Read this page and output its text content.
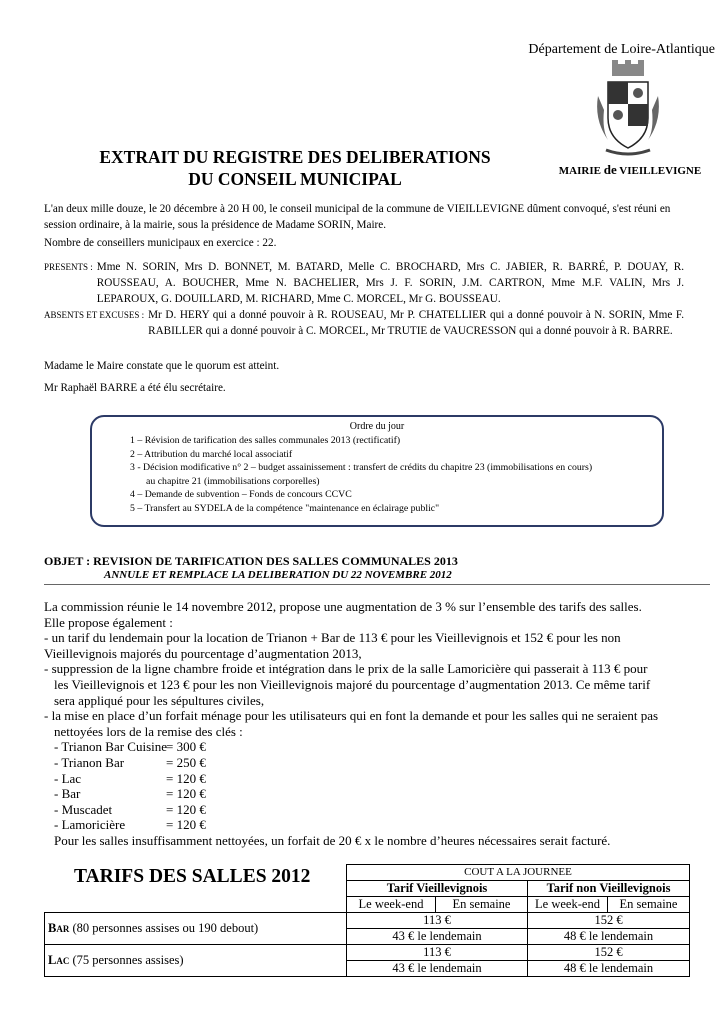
Département de Loire-Atlantique
MAIRIE de VIEILLEVIGNE
EXTRAIT DU REGISTRE DES DELIBERATIONS
DU CONSEIL MUNICIPAL
L'an deux mille douze, le 20 décembre à 20 H 00, le conseil municipal de la commune de VIEILLEVIGNE dûment convoqué, s'est réuni en session ordinaire, à la mairie, sous la présidence de Madame SORIN, Maire.
Nombre de conseillers municipaux en exercice : 22.
PRESENTS : Mme N. SORIN, Mrs D. BONNET, M. BATARD, Melle C. BROCHARD, Mrs C. JABIER, R. BARRÉ, P. DOUAY, R. ROUSSEAU, A. BOUCHER, Mme N. BACHELIER, Mrs J. F. SORIN, J.M. CARTRON, Mme M.F. VALIN, Mrs J. LEPAROUX, G. DOUILLARD, M. RICHARD, Mme C. MORCEL, Mr G. BOUSSEAU.
ABSENTS ET EXCUSES : Mr D. HERY qui a donné pouvoir à R. ROUSEAU, Mr P. CHATELLIER qui a donné pouvoir à N. SORIN, Mme F. RABILLER qui a donné pouvoir à C. MORCEL, Mr TRUTIE de VAUCRESSON qui a donné pouvoir à R. BARRE.
Madame le Maire constate que le quorum est atteint.
Mr Raphaël BARRE a été élu secrétaire.
Ordre du jour
1 – Révision de tarification des salles communales 2013 (rectificatif)
2 – Attribution du marché local associatif
3 - Décision modificative n° 2 – budget assainissement : transfert de crédits du chapitre 23 (immobilisations en cours)
au chapitre 21 (immobilisations corporelles)
4 – Demande de subvention – Fonds de concours CCVC
5 – Transfert au SYDELA de la compétence "maintenance en éclairage public"
OBJET : REVISION DE TARIFICATION DES SALLES COMMUNALES 2013
ANNULE ET REMPLACE LA DELIBERATION DU 22 NOVEMBRE 2012
La commission réunie le 14 novembre 2012, propose une augmentation de 3 % sur l’ensemble des tarifs des salles.
Elle propose également :
- un tarif du lendemain pour la location de Trianon + Bar de 113 € pour les Vieillevignois et 152 € pour les non
Vieillevignois majorés du pourcentage d’augmentation 2013,
- suppression de la ligne chambre froide et intégration dans le prix de la salle Lamoricière qui passerait à 113 € pour
les Vieillevignois et 123 € pour les non Vieillevignois majoré du pourcentage d’augmentation 2013. Ce même tarif
sera appliqué pour les sépultures civiles,
- la mise en place d’un forfait ménage pour les utilisateurs qui en font la demande et pour les salles qui ne seraient pas
nettoyées lors de la remise des clés :
- Trianon Bar Cuisine= 300 €
- Trianon Bar	= 250 €
- Lac	= 120 €
- Bar	= 120 €
- Muscadet	= 120 €
- Lamoricière	= 120 €
Pour les salles insuffisamment nettoyées, un forfait de 20 € x le nombre d’heures nécessaires serait facturé.
TARIFS DES SALLES 2012
		COUT A LA JOURNEE			
	Tarif Vieillevignois		Tarif non Vieillevignois	
	Le week-end	En semaine	Le week-end	En semaine
Bar (80 personnes assises ou 190 debout)	113 €		152 €	
	43 € le lendemain		48 € le lendemain	
Lac (75 personnes assises)	113 €		152 €	
	43 € le lendemain		48 € le lendemain	
